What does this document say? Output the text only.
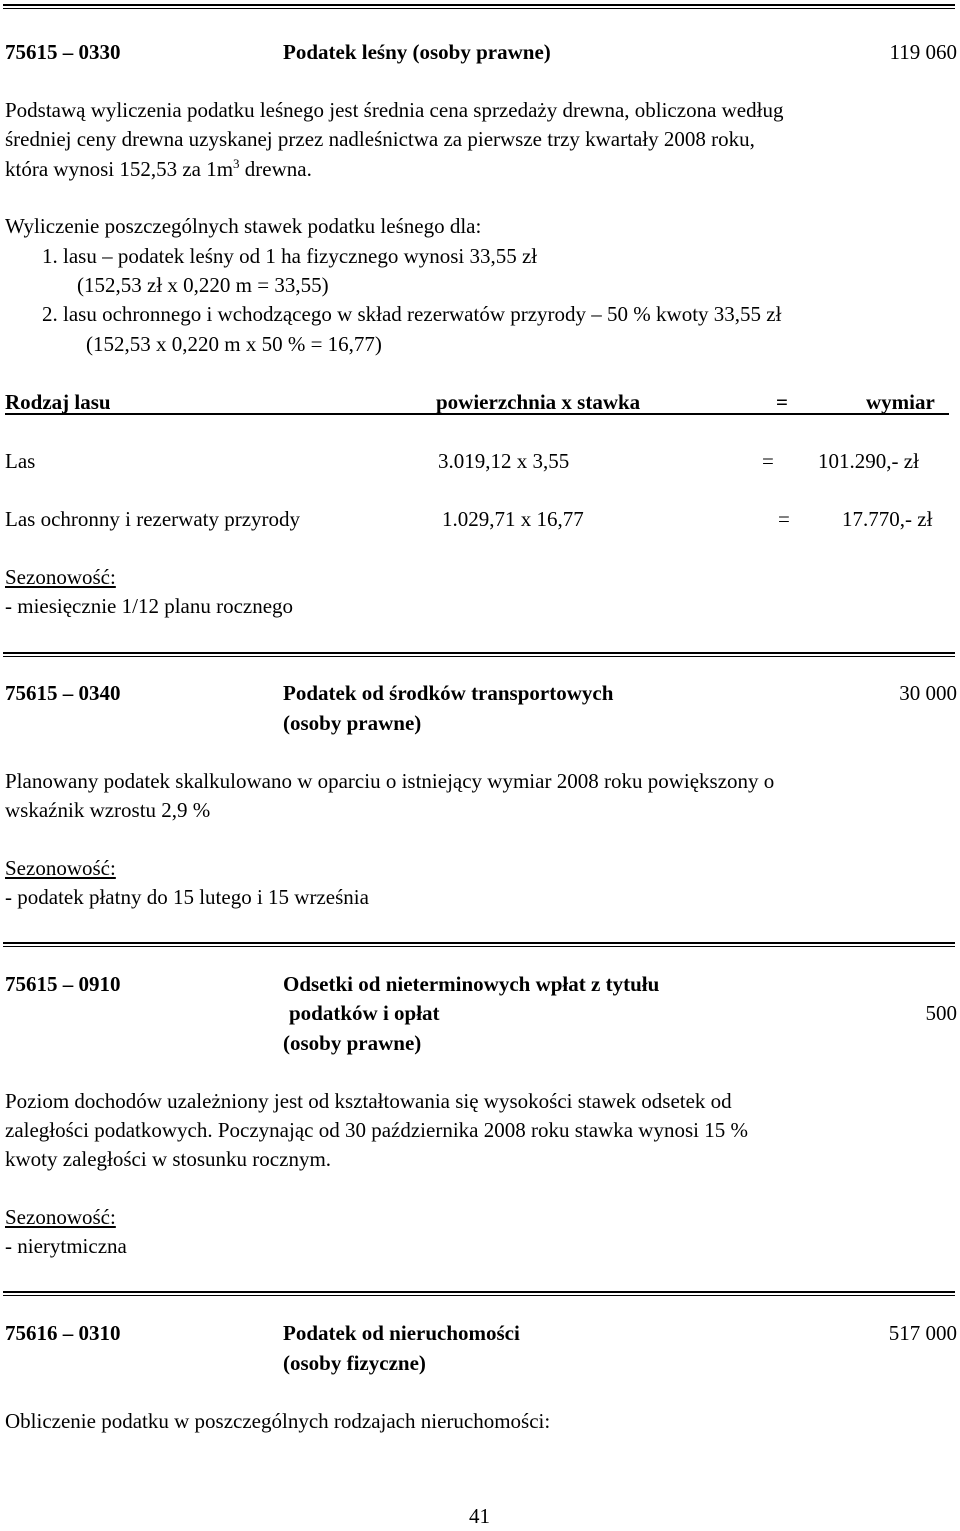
75615 – 0330	Podatek leśny (osoby prawne)	119 060
Podstawą wyliczenia podatku leśnego jest średnia cena sprzedaży drewna, obliczona według
średniej ceny drewna uzyskanej przez nadleśnictwa za pierwsze trzy kwartały 2008 roku,
która wynosi 152,53 za $1m^3$ drewna.
Wyliczenie poszczególnych stawek podatku leśnego dla:
1. lasu – podatek leśny od 1 ha fizycznego wynosi 33,55 zł
(152,53 zł x 0,220 m = 33,55)
2. lasu ochronnego i wchodzącego w skład rezerwatów przyrody – 50 % kwoty 33,55 zł
(152,53 x 0,220 m x 50 % = 16,77)
Rodzaj lasu	powierzchnia x stawka	=	wymiar
Las	3.019,12 x 3,55	= 101.290,- zł
Las ochronny i rezerwaty przyrody	1.029,71 x 16,77	= 17.770,- zł
Sezonowość:
- miesięcznie 1/12 planu rocznego
75615 – 0340	Podatek od środków transportowych
(osoby prawne)
30 000
Planowany podatek skalkulowano w oparciu o istniejący wymiar 2008 roku powiększony o
wskaźnik wzrostu 2,9 %
Sezonowość:
- podatek płatny do 15 lutego i 15 września
75615 – 0910	Odsetki od nieterminowych wpłat z tytułu
podatków i opłat
(osoby prawne)
500
Poziom dochodów uzależniony jest od kształtowania się wysokości stawek odsetek od
zaległości podatkowych. Poczynając od 30 października 2008 roku stawka wynosi 15 %
kwoty zaległości w stosunku rocznym.
Sezonowość:
- nierytmiczna
75616 – 0310	Podatek od nieruchomości
(osoby fizyczne)
517 000
Obliczenie podatku w poszczególnych rodzajach nieruchomości:
41
